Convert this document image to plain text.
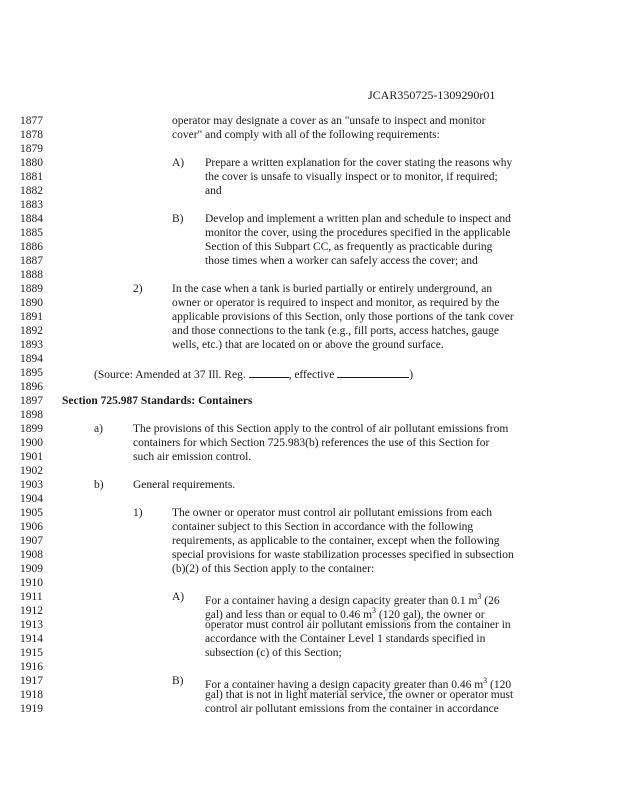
JCAR350725-1309290r01
1877
1878
1879
1880
1881
1882
1883
1884
1885
1886
1887
1888
1889
1890
1891
1892
1893
1894
1895
1896
1897
1898
1899
1900
1901
1902
1903
1904
1905
1906
1907
1908
1909
1910
1911
1912
1913
1914
1915
1916
1917
1918
1919
operator may designate a cover as an "unsafe to inspect and monitor
cover" and comply with all of the following requirements:
A) Prepare a written explanation for the cover stating the reasons why
the cover is unsafe to visually inspect or to monitor, if required;
and
B) Develop and implement a written plan and schedule to inspect and
monitor the cover, using the procedures specified in the applicable
Section of this Subpart CC, as frequently as practicable during
those times when a worker can safely access the cover; and
2)	In the case when a tank is buried partially or entirely underground, an
owner or operator is required to inspect and monitor, as required by the
applicable provisions of this Section, only those portions of the tank cover
and those connections to the tank (e.g., fill ports, access hatches, gauge
wells, etc.) that are located on or above the ground surface.
(Source: Amended at 37 Ill. Reg.	, effective	)
Section 725.987 Standards: Containers
a)	The provisions of this Section apply to the control of air pollutant emissions from
containers for which Section 725.983(b) references the use of this Section for
such air emission control.
b)	General requirements.
1)	The owner or operator must control air pollutant emissions from each
container subject to this Section in accordance with the following
requirements, as applicable to the container, except when the following
special provisions for waste stabilization processes specified in subsection
(b)(2) of this Section apply to the container:
A) For a container having a design capacity greater than 0.1 $m^3$ (26
gal) and less than or equal to 0.46 $m^3$ (120 gal), the owner or
operator must control air pollutant emissions from the container in
accordance with the Container Level 1 standards specified in
subsection (c) of this Section;
B) For a container having a design capacity greater than 0.46 $m^3$ (120
gal) that is not in light material service, the owner or operator must
control air pollutant emissions from the container in accordance
